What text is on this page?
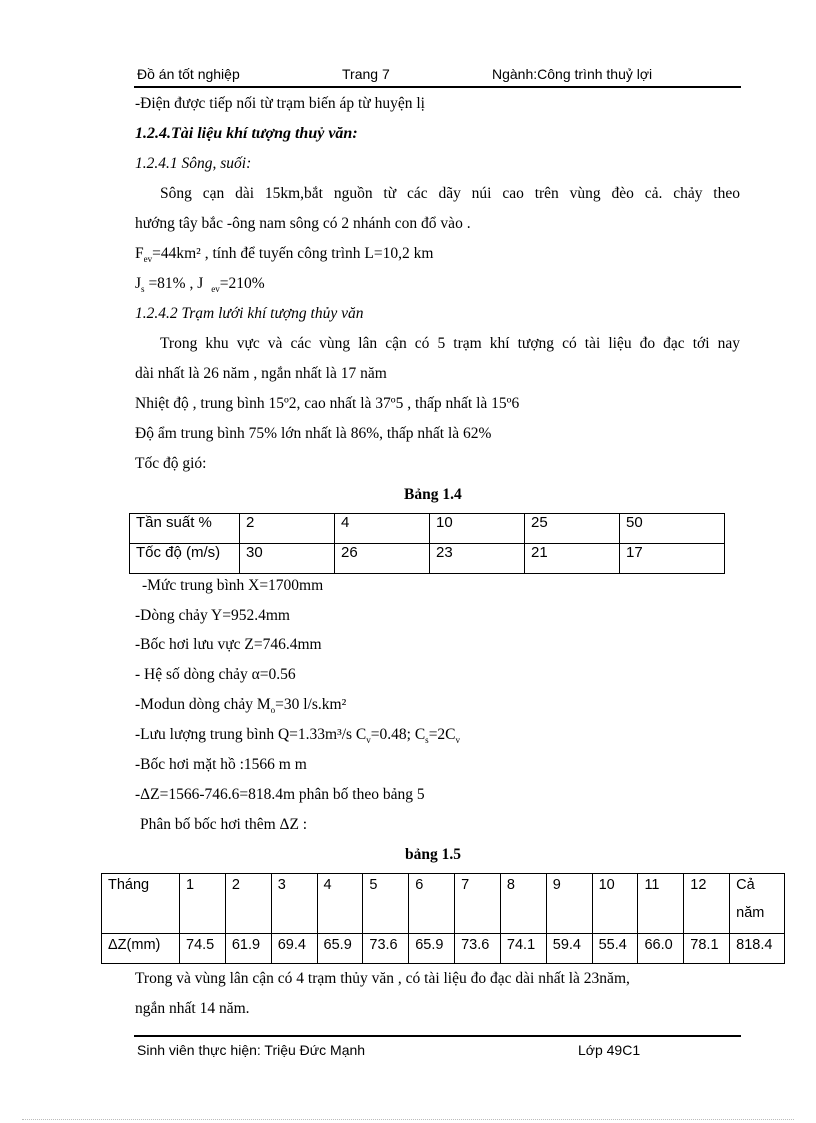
Đồ án tốt nghiệp	Trang 7	Ngành:Công trình thuỷ lợi
-Điện được tiếp nối từ trạm biến áp từ huyện lị
1.2.4.Tài liệu khí tượng thuỷ văn:
1.2.4.1 Sông, suối:
Sông cạn dài 15km,bắt nguồn từ các dãy núi cao trên vùng đèo cả. chảy theo
hướng tây bắc -ông nam sông có 2 nhánh con đổ vào .
$F_{ev}=44km^2$ , tính để tuyến công trình L=10,2 km
$J_s =81\%$ , J $_{ev}$=210%
1.2.4.2 Trạm lưới khí tượng thủy văn
Trong khu vực và các vùng lân cận có 5 trạm khí tượng có tài liệu đo đạc tới nay
dài nhất là 26 năm , ngắn nhất là 17 năm
Nhiệt độ , trung bình 15º2, cao nhất là 37º5 , thấp nhất là 15º6
Độ ẩm trung bình 75% lớn nhất là 86%, thấp nhất là 62%
Tốc độ gió:
Bảng 1.4
Tần suất %	2	4	10	25	50
Tốc độ (m/s)	30	26	23	21	17
-Mức trung bình X=1700mm
-Dòng chảy Y=952.4mm
-Bốc hơi lưu vực Z=746.4mm
- Hệ số dòng chảy α=0.56
-Modun dòng chảy $M_o=30$ l/s.km²
-Lưu lượng trung bình Q=1.33m³/s $C_v=0.48$; $C_s=2C_v$
-Bốc hơi mặt hồ :1566 m m
-ΔZ=1566-746.6=818.4m phân bố theo bảng 5
Phân bố bốc hơi thêm ΔZ :
bảng 1.5
Tháng	1	2	3	4	5	6	7	8	9	10	11	12	Cả
năm

ΔZ(mm)	74.5	61.9	69.4	65.9	73.6	65.9	73.6	74.1	59.4	55.4	66.0	78.1	818.4
Trong và vùng lân cận có 4 trạm thủy văn , có tài liệu đo đạc dài nhất là 23năm,
ngắn nhất 14 năm.
Sinh viên thực hiện: Triệu Đức Mạnh	Lớp 49C1
